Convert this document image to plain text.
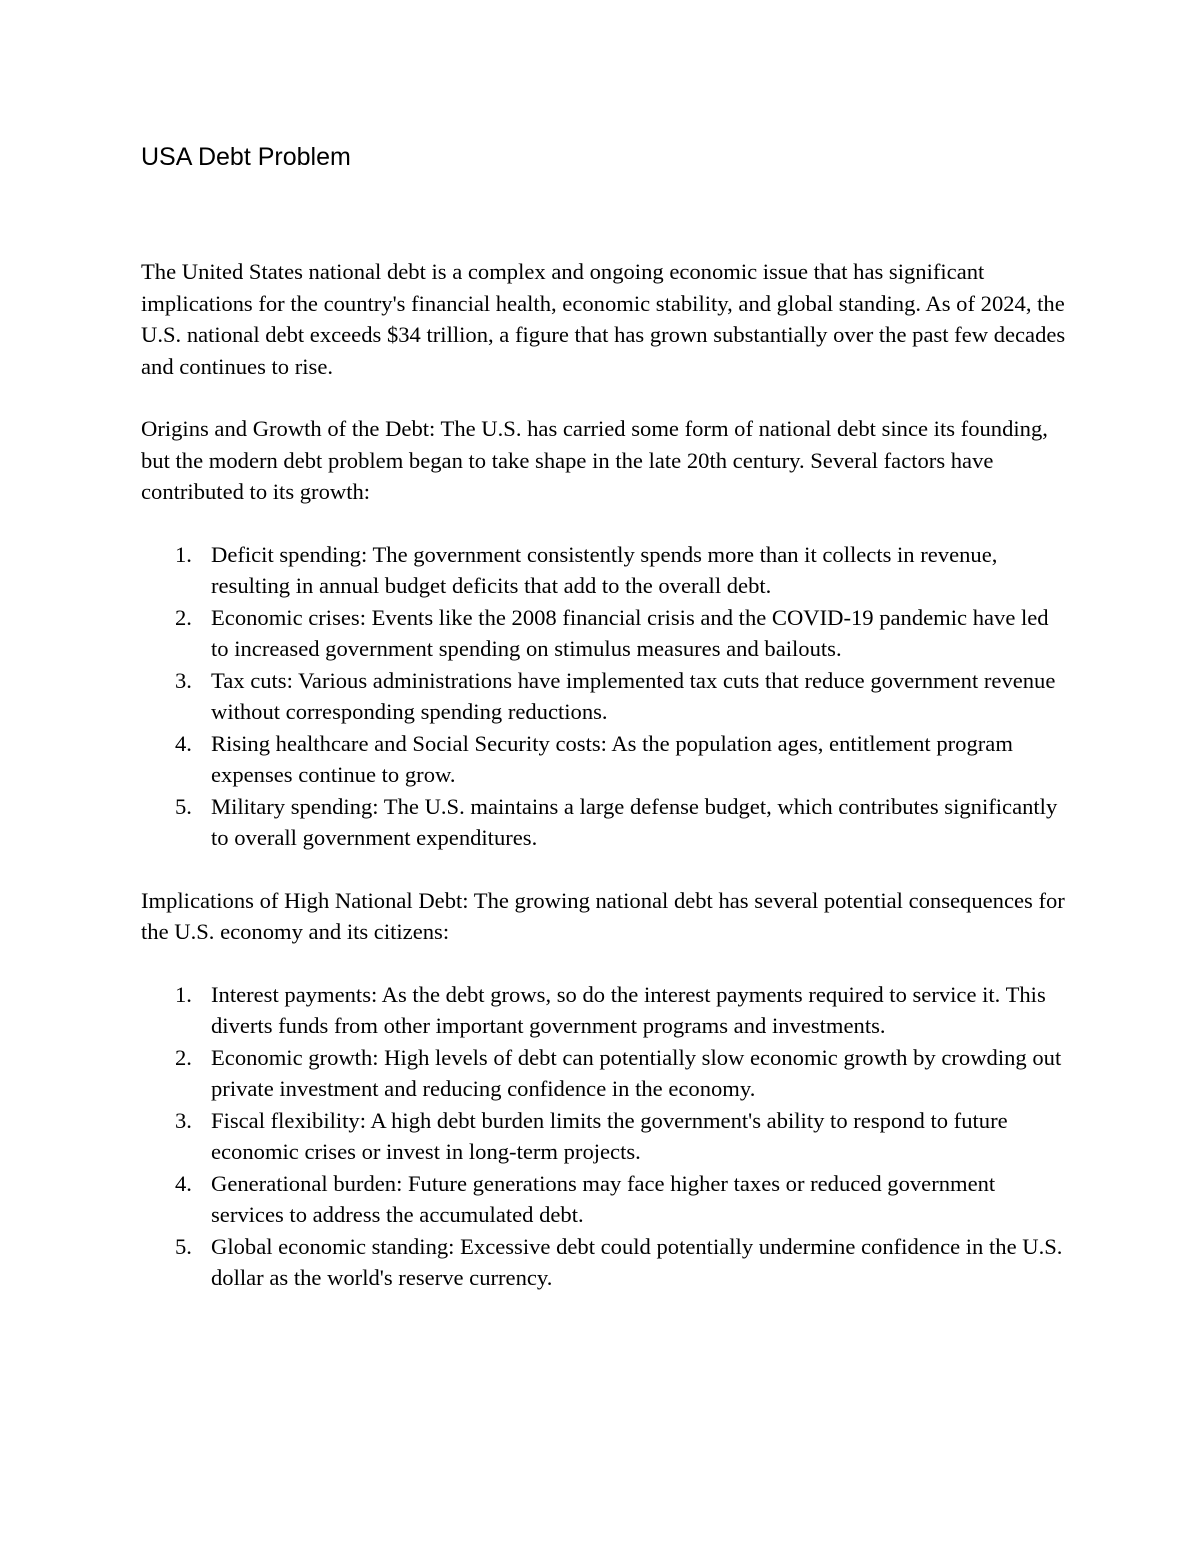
USA Debt Problem

The United States national debt is a complex and ongoing economic issue that has significant implications for the country's financial health, economic stability, and global standing. As of 2024, the U.S. national debt exceeds $34 trillion, a figure that has grown substantially over the past few decades and continues to rise.

Origins and Growth of the Debt: The U.S. has carried some form of national debt since its founding, but the modern debt problem began to take shape in the late 20th century. Several factors have contributed to its growth:

1. Deficit spending: The government consistently spends more than it collects in revenue, resulting in annual budget deficits that add to the overall debt.
2. Economic crises: Events like the 2008 financial crisis and the COVID-19 pandemic have led to increased government spending on stimulus measures and bailouts.
3. Tax cuts: Various administrations have implemented tax cuts that reduce government revenue without corresponding spending reductions.
4. Rising healthcare and Social Security costs: As the population ages, entitlement program expenses continue to grow.
5. Military spending: The U.S. maintains a large defense budget, which contributes significantly to overall government expenditures.

Implications of High National Debt: The growing national debt has several potential consequences for the U.S. economy and its citizens:

1. Interest payments: As the debt grows, so do the interest payments required to service it. This diverts funds from other important government programs and investments.
2. Economic growth: High levels of debt can potentially slow economic growth by crowding out private investment and reducing confidence in the economy.
3. Fiscal flexibility: A high debt burden limits the government's ability to respond to future economic crises or invest in long-term projects.
4. Generational burden: Future generations may face higher taxes or reduced government services to address the accumulated debt.
5. Global economic standing: Excessive debt could potentially undermine confidence in the U.S. dollar as the world's reserve currency.
